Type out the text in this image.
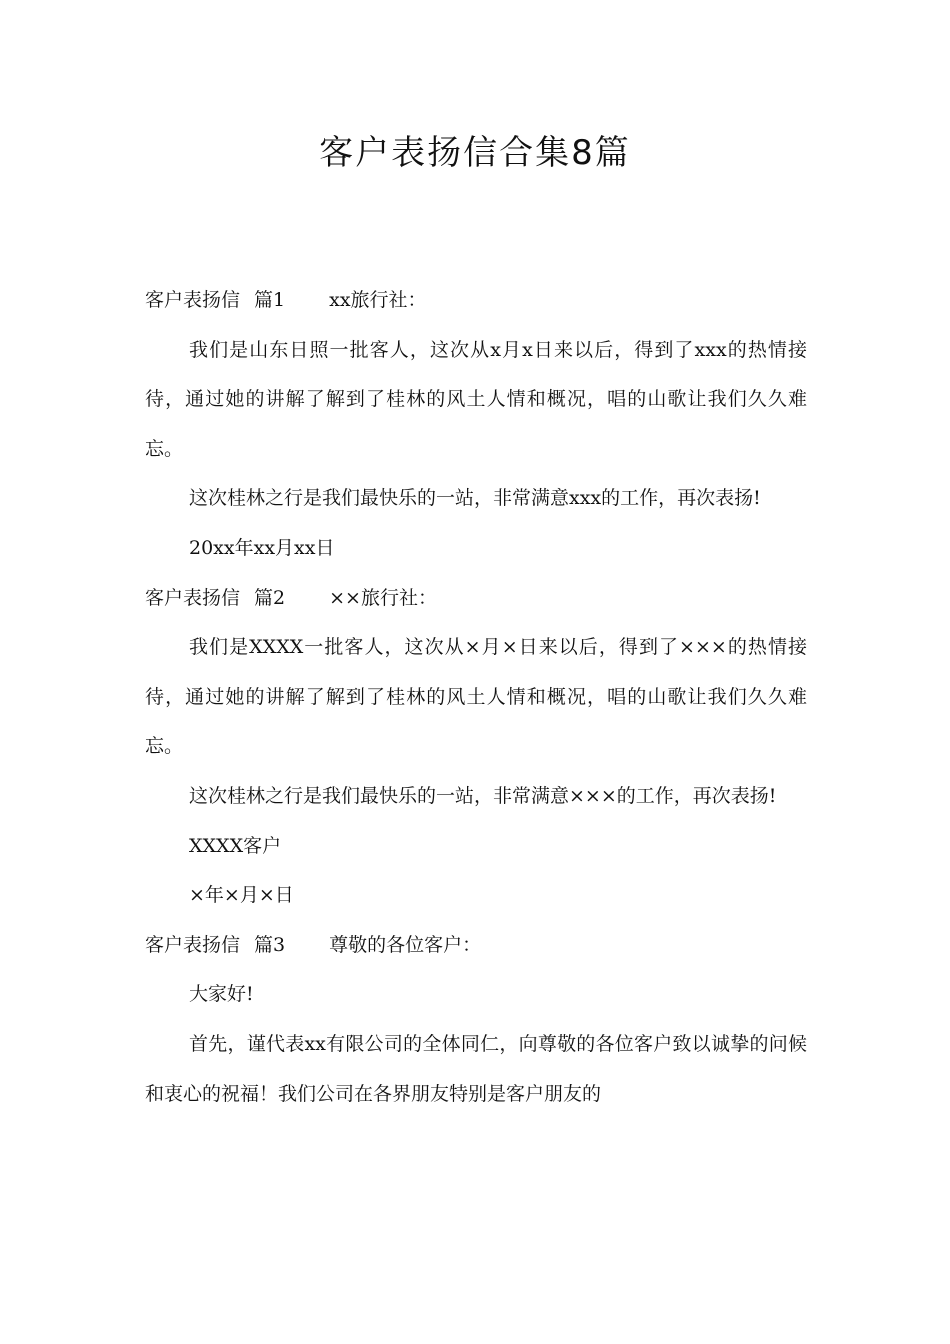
客户表扬信合集8篇

客户表扬信 篇1 xx旅行社：

我们是山东日照一批客人，这次从x月x日来以后，得到了xxx的热情接待，通过她的讲解了解到了桂林的风土人情和概况，唱的山歌让我们久久难忘。

这次桂林之行是我们最快乐的一站，非常满意xxx的工作，再次表扬!

20xx年xx月xx日

客户表扬信 篇2 ××旅行社：

我们是XXXX一批客人，这次从×月×日来以后，得到了×××的热情接待，通过她的讲解了解到了桂林的风土人情和概况，唱的山歌让我们久久难忘。

这次桂林之行是我们最快乐的一站，非常满意×××的工作，再次表扬!

XXXX客户

×年×月×日

客户表扬信 篇3 尊敬的各位客户：

大家好!

首先，谨代表xx有限公司的全体同仁，向尊敬的各位客户致以诚挚的问候和衷心的祝福！我们公司在各界朋友特别是客户朋友的
